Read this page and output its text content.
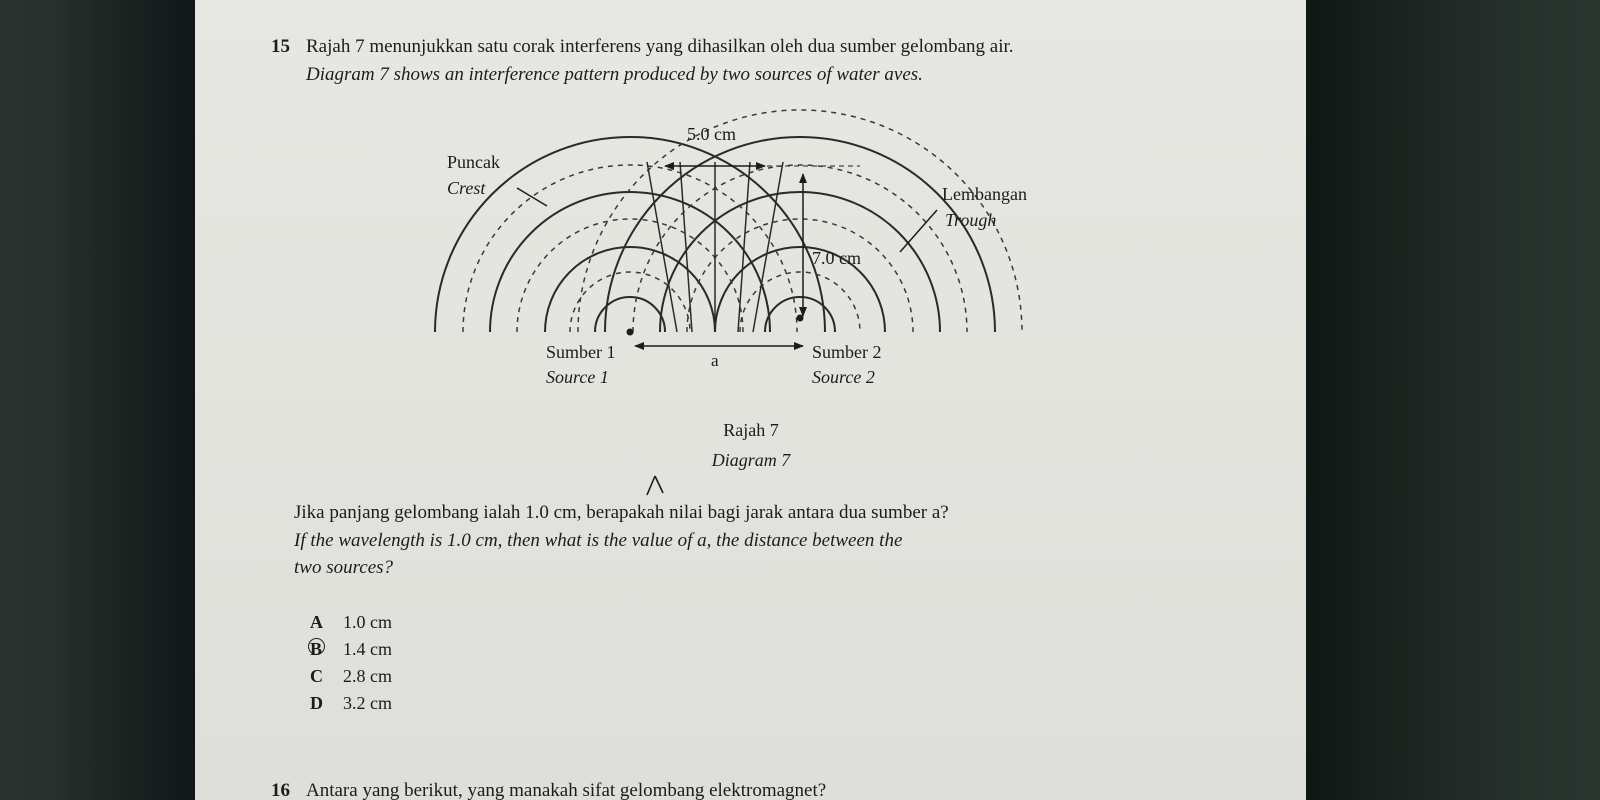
15 Rajah 7 menunjukkan satu corak interferens yang dihasilkan oleh dua sumber gelombang air.
Diagram 7 shows an interference pattern produced by two sources of water aves.
5.0 cm
7.0 cm
Puncak
Crest	Lembangan
Trough
a
Sumber 1
Source 1
Sumber 2
Source 2
Rajah 7
Diagram 7
Jika panjang gelombang ialah 1.0 cm, berapakah nilai bagi jarak antara dua sumber a?
If the wavelength is 1.0 cm, then what is the value of a, the distance between the
two sources?
A 1.0 cm
B 1.4 cm
C 2.8 cm
D 3.2 cm
16 Antara yang berikut, yang manakah sifat gelombang elektromagnet?
